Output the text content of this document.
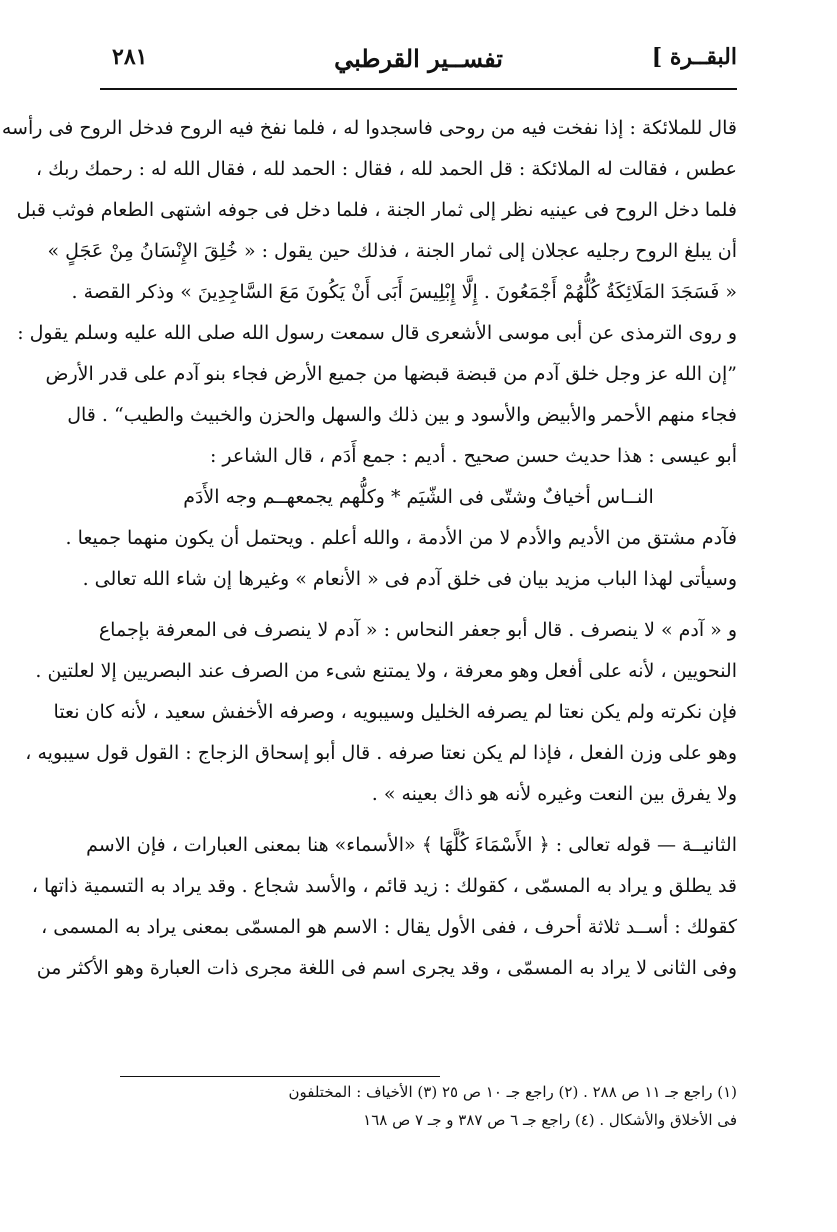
٢٨١	تفســير القرطبي	البقــرة ]
قال للملائكة : إذا نفخت فيه من روحى فاسجدوا له ، فلما نفخ فيه الروح فدخل الروح فى رأسه
عطس ، فقالت له الملائكة : قل الحمد لله ، فقال : الحمد لله ، فقال الله له : رحمك ربك ،
فلما دخل الروح فى عينيه نظر إلى ثمار الجنة ، فلما دخل فى جوفه اشتهى الطعام فوثب قبل
أن يبلغ الروح رجليه عجلان إلى ثمار الجنة ، فذلك حين يقول : « خُلِقَ الإِنْسَانُ مِنْ عَجَلٍ »
« فَسَجَدَ المَلَائِكَةُ كُلُّهُمْ أَجْمَعُونَ . إِلَّا إِبْلِيسَ أَبَى أَنْ يَكُونَ مَعَ السَّاجِدِينَ » وذكر القصة .
و روى الترمذى عن أبى موسى الأشعرى قال سمعت رسول الله صلى الله عليه وسلم يقول :
”إن الله عز وجل خلق آدم من قبضة قبضها من جميع الأرض فجاء بنو آدم على قدر الأرض
فجاء منهم الأحمر والأبيض والأسود و بين ذلك والسهل والحزن والخبيث والطيب“ . قال
أبو عيسى : هذا حديث حسن صحيح . أديم : جمع أَدَم ، قال الشاعر :
النــاس أخيافٌ وشتّى فى الشّيَم * وكلُّهم يجمعهــم وجه الأَدَم
فآدم مشتق من الأديم والأدم لا من الأدمة ، والله أعلم . ويحتمل أن يكون منهما جميعا .
وسيأتى لهذا الباب مزيد بيان فى خلق آدم فى « الأنعام » وغيرها إن شاء الله تعالى .
و « آدم » لا ينصرف . قال أبو جعفر النحاس : « آدم لا ينصرف فى المعرفة بإجماع
النحويين ، لأنه على أفعل وهو معرفة ، ولا يمتنع شىء من الصرف عند البصريين إلا لعلتين .
فإن نكرته ولم يكن نعتا لم يصرفه الخليل وسيبويه ، وصرفه الأخفش سعيد ، لأنه كان نعتا
وهو على وزن الفعل ، فإذا لم يكن نعتا صرفه . قال أبو إسحاق الزجاج : القول قول سيبويه ،
ولا يفرق بين النعت وغيره لأنه هو ذاك بعينه » .
الثانيــة — قوله تعالى : ﴿ الأَسْمَاءَ كُلَّهَا ﴾ «الأسماء» هنا بمعنى العبارات ، فإن الاسم
قد يطلق و يراد به المسمّى ، كقولك : زيد قائم ، والأسد شجاع . وقد يراد به التسمية ذاتها ،
كقولك : أســد ثلاثة أحرف ، ففى الأول يقال : الاسم هو المسمّى بمعنى يراد به المسمى ،
وفى الثانى لا يراد به المسمّى ، وقد يجرى اسم فى اللغة مجرى ذات العبارة وهو الأكثر من
(١) راجع جـ ١١ ص ٢٨٨ . (٢) راجع جـ ١٠ ص ٢٥ (٣) الأخياف : المختلفون
فى الأخلاق والأشكال . (٤) راجع جـ ٦ ص ٣٨٧ و جـ ٧ ص ١٦٨
